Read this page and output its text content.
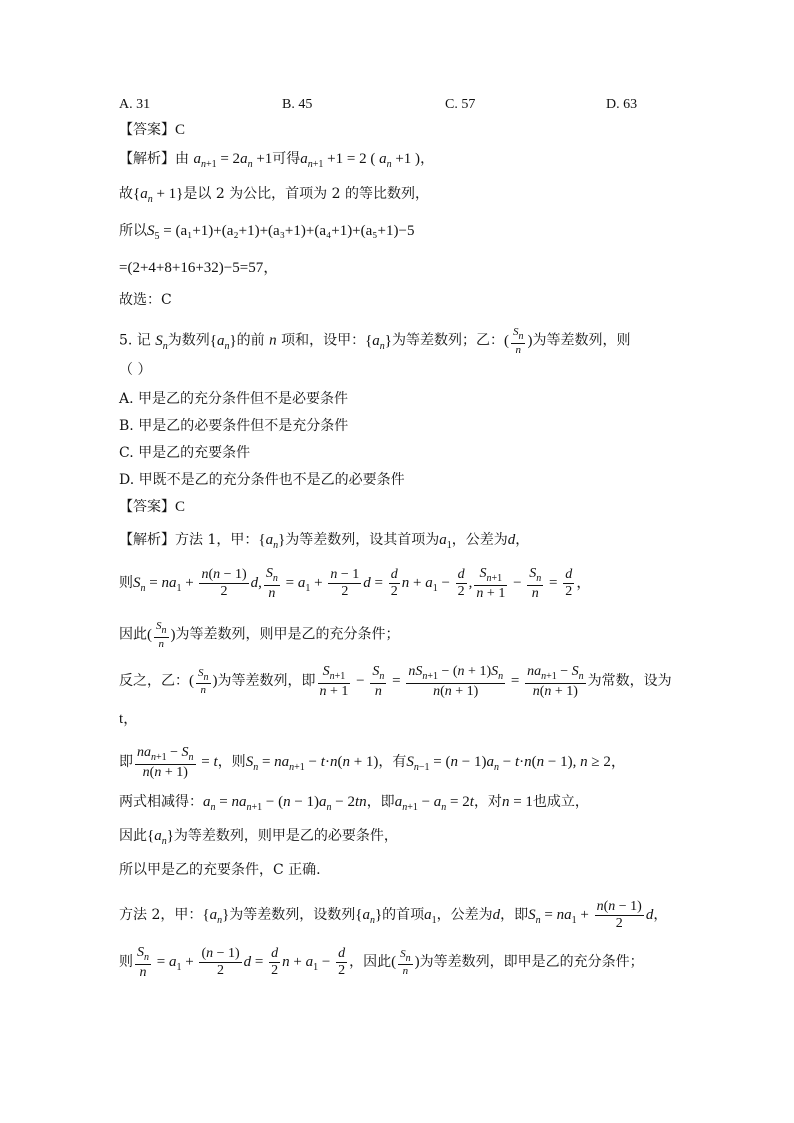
A. 31	B. 45	C. 57	D. 63
【答案】C
【解析】由 $a_{n+1} = 2a_n +1$可得$a_{n+1} +1 = 2$ ( $a_n +1$ )，
故$\{a_n + 1\}$是以 2 为公比，首项为 2 的等比数列，
所以$S_5 = (a_1+1)+(a_2+1)+(a_3+1)+(a_4+1)+(a_5+1)-5$
=(2+4+8+16+32)−5=57，
故选：C
5. 记 $S_n$为数列$\{a_n\}$的前 n 项和，设甲：$\{a_n\}$为等差数列；乙：( $\frac{Sn}{n}$ )为等差数列，则
（ ）
A. 甲是乙的充分条件但不是必要条件
B. 甲是乙的必要条件但不是充分条件
C. 甲是乙的充要条件
D. 甲既不是乙的充分条件也不是乙的必要条件
【答案】C
【解析】方法 1，甲：$\{a_n\}$为等差数列，设其首项为$a_1$，公差为d，
则$S_n = na_1 + \frac{n(n - 1)}{2} d$, $\frac{S_n}{n} = a_1 + \frac{n - 1}{2}$ $d = \frac{d}{2}$ $n + a_1 - \frac{d}{2}$ , $\frac{S_{n+1}}{n + 1} - \frac{S_n}{n} = \frac{d}{2}$ ，
因此( $\frac{Sn}{n}$ )为等差数列，则甲是乙的充分条件；
反之，乙：( $\frac{Sn}{n}$ )为等差数列，即 $\frac{S_{n+1}}{n + 1} - \frac{S_n}{n} = \frac{nS_{n+1} - (n + 1)S_n}{n(n + 1)} = \frac{na_{n+1} - S_n}{n(n + 1)}$ 为常数，设为
t，
即 $\frac{na_{n+1} - S_n}{n(n + 1)} = t$，则$S_n = na_{n+1} - t\cdot n(n + 1)$，有$S_{n-1} = (n - 1)a_n - t\cdot n(n - 1)$, n ≥ 2，
两式相减得：$a_n = na_{n+1} - (n - 1)a_n - 2tn$，即$a_{n+1} - a_n = 2t$，对n = 1也成立，
因此$\{a_n\}$为等差数列，则甲是乙的必要条件，
所以甲是乙的充要条件，C 正确.
方法 2，甲：$\{a_n\}$为等差数列，设数列$\{a_n\}$的首项$a_1$，公差为d，即$S_n = na_1 + \frac{n(n - 1)}{2}$ d，
则 $\frac{S_n}{n} = a_1 + \frac{(n - 1)}{2}$ $d = \frac{d}{2}$ $n + a_1 - \frac{d}{2}$ ，因此( $\frac{Sn}{n}$ )为等差数列，即甲是乙的充分条件；
